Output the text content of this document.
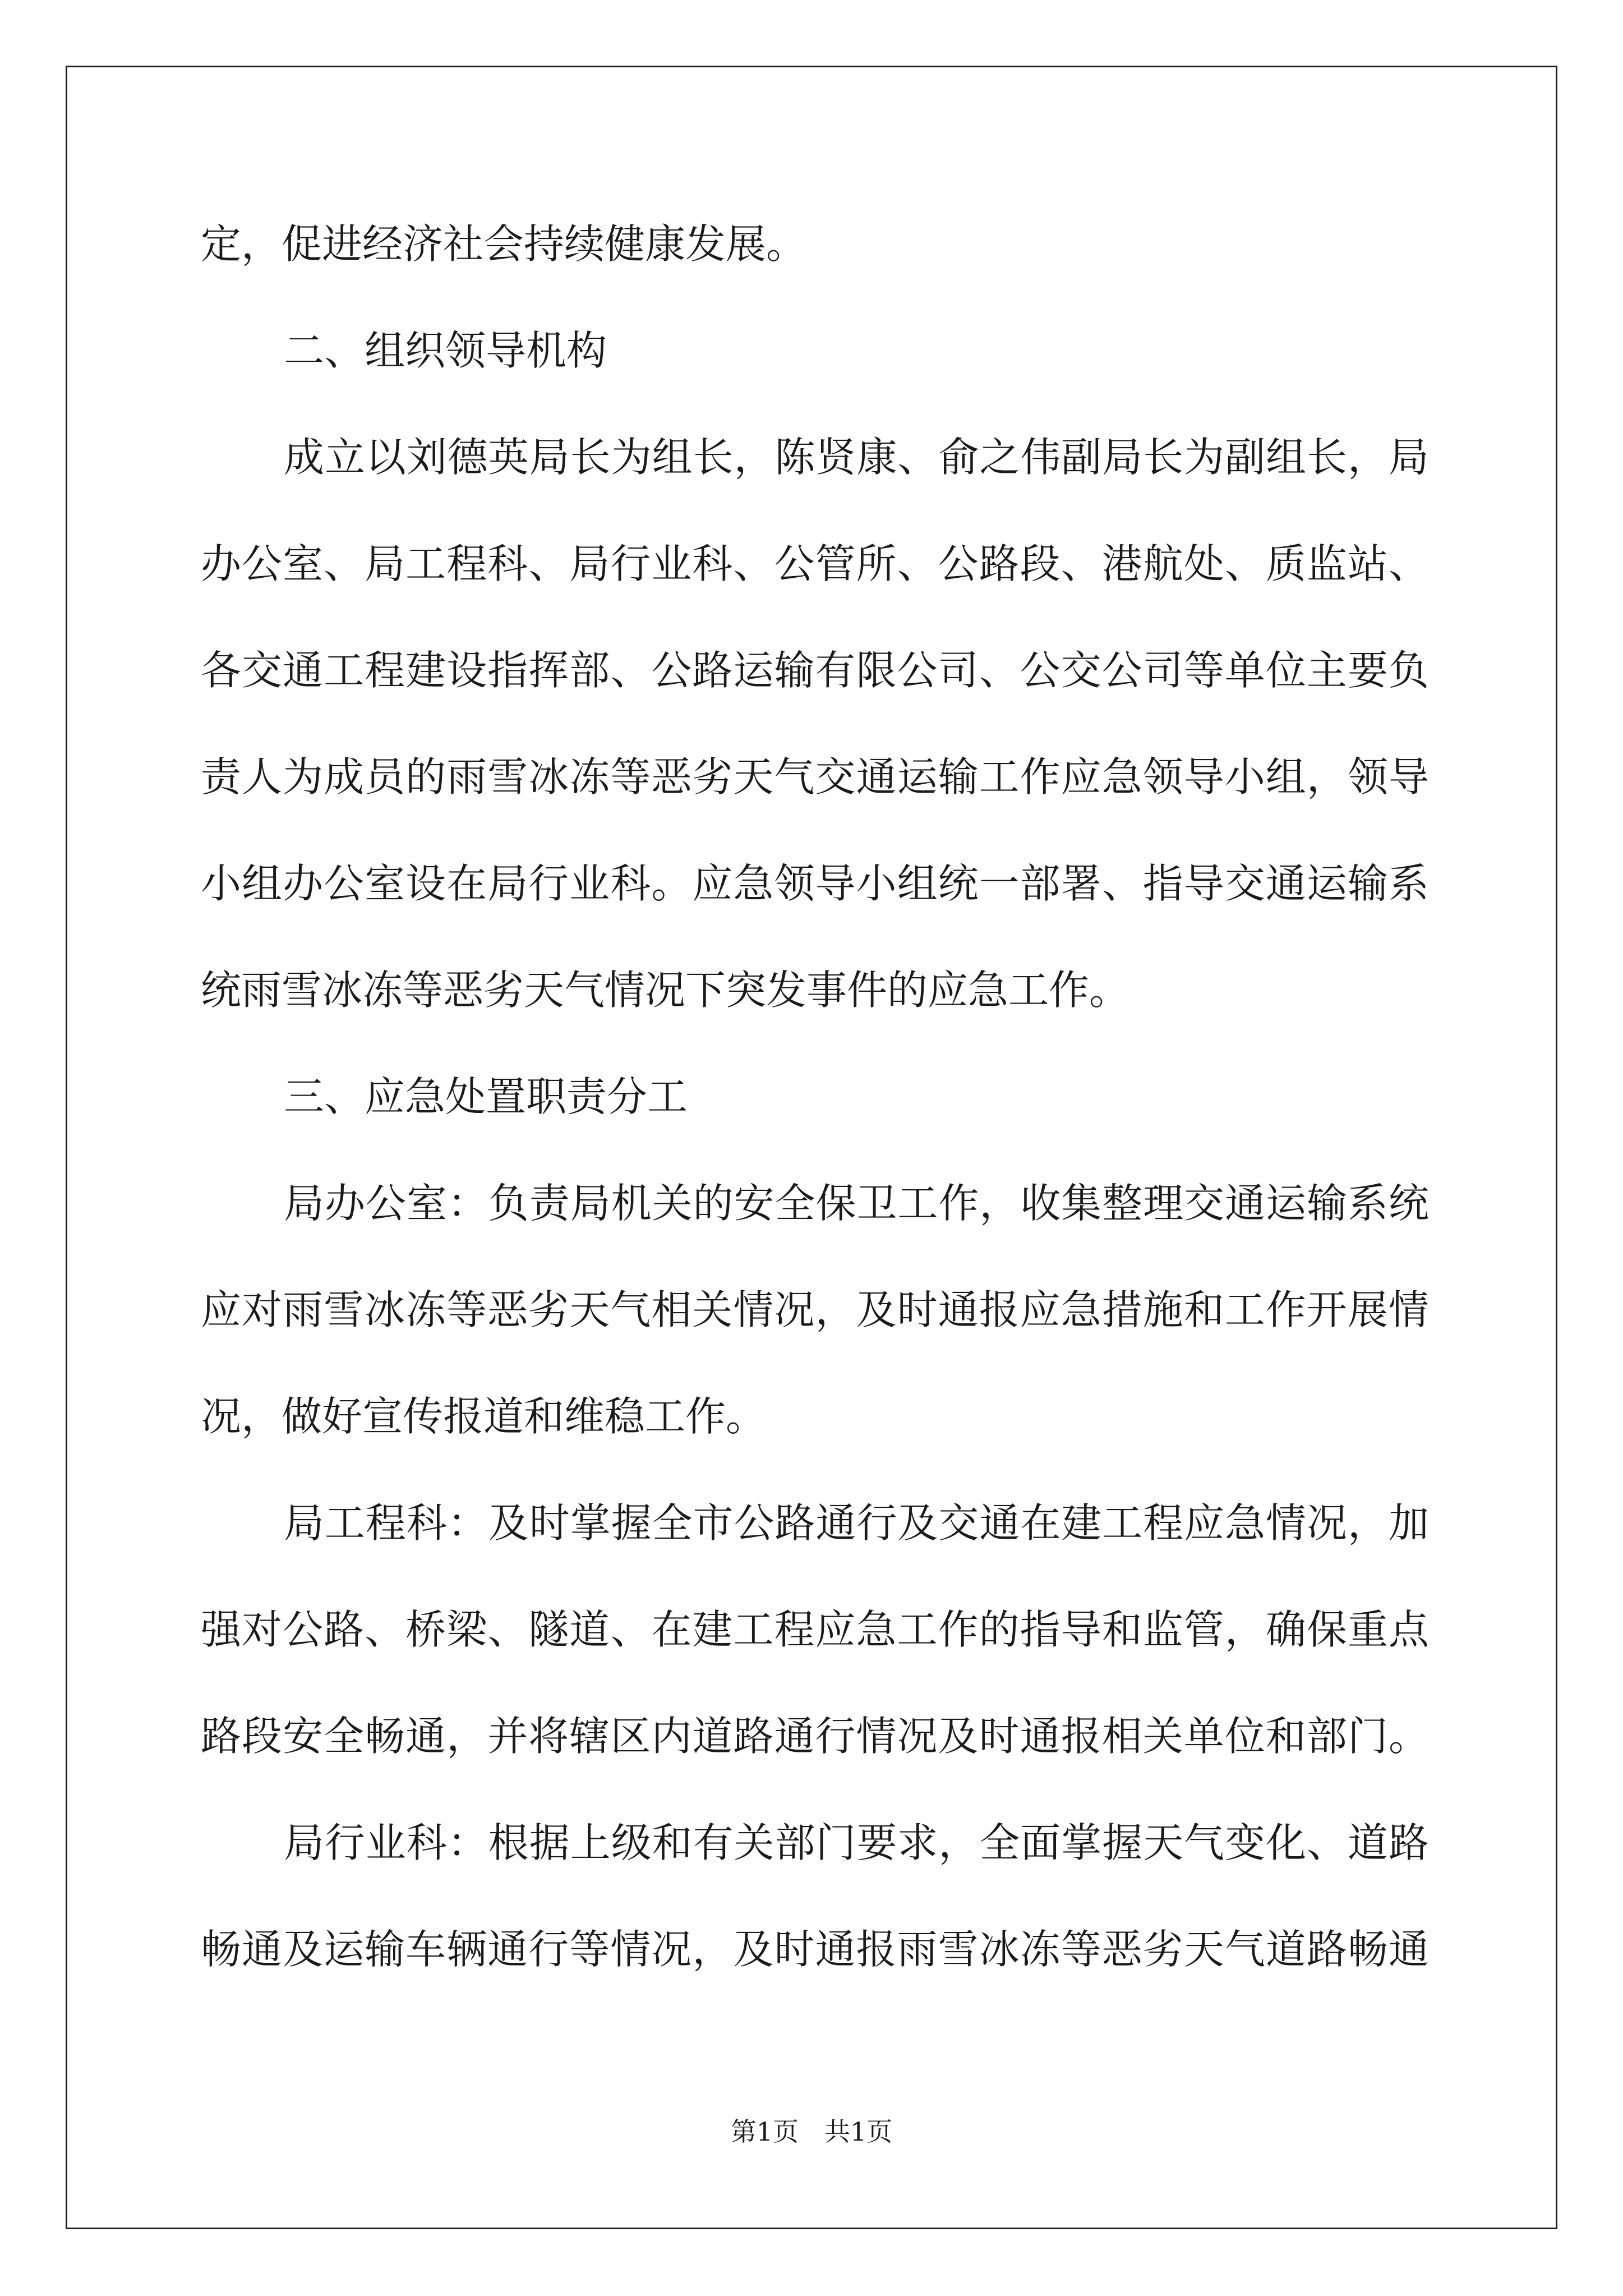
定，促进经济社会持续健康发展。
二、组织领导机构
成立以刘德英局长为组长，陈贤康、俞之伟副局长为副组长，局
办公室、局工程科、局行业科、公管所、公路段、港航处、质监站、
各交通工程建设指挥部、公路运输有限公司、公交公司等单位主要负
责人为成员的雨雪冰冻等恶劣天气交通运输工作应急领导小组，领导
小组办公室设在局行业科。应急领导小组统一部署、指导交通运输系
统雨雪冰冻等恶劣天气情况下突发事件的应急工作。
三、应急处置职责分工
局办公室：负责局机关的安全保卫工作，收集整理交通运输系统
应对雨雪冰冻等恶劣天气相关情况，及时通报应急措施和工作开展情
况，做好宣传报道和维稳工作。
局工程科：及时掌握全市公路通行及交通在建工程应急情况，加
强对公路、桥梁、隧道、在建工程应急工作的指导和监管，确保重点
路段安全畅通，并将辖区内道路通行情况及时通报相关单位和部门。
局行业科：根据上级和有关部门要求，全面掌握天气变化、道路
畅通及运输车辆通行等情况，及时通报雨雪冰冻等恶劣天气道路畅通
第1页　共1页
